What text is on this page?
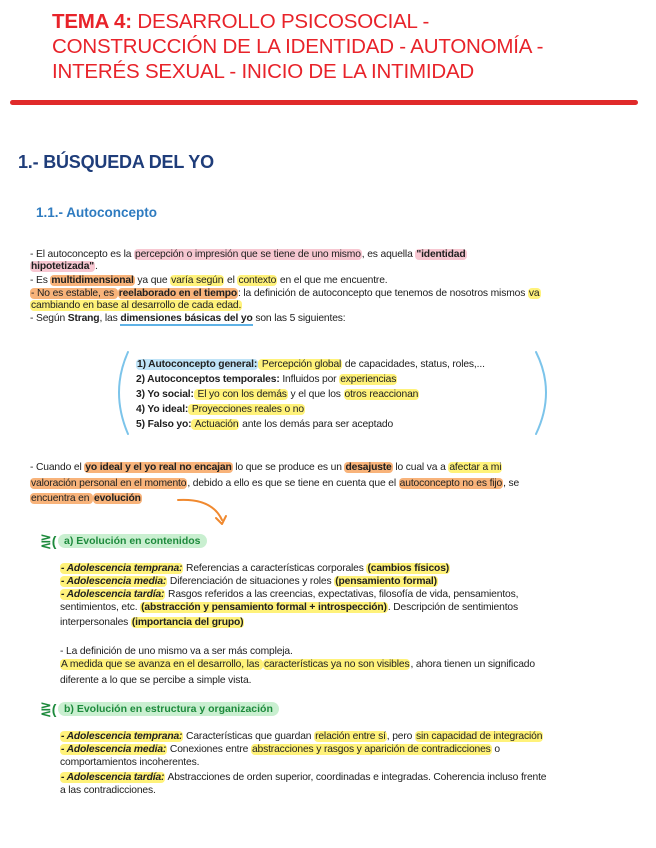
TEMA 4: DESARROLLO PSICOSOCIAL -
CONSTRUCCIÓN DE LA IDENTIDAD - AUTONOMÍA -
INTERÉS SEXUAL - INICIO DE LA INTIMIDAD
1.- BÚSQUEDA DEL YO
1.1.- Autoconcepto
- El autoconcepto es la percepción o impresión que se tiene de uno mismo, es aquella "identidad
hipotetizada".
- Es multidimensional ya que varía según el contexto en el que me encuentre.
- No es estable, es reelaborado en el tiempo: la definición de autoconcepto que tenemos de nosotros mismos va
cambiando en base al desarrollo de cada edad.
- Según Strang, las dimensiones básicas del yo son las 5 siguientes:
1) Autoconcepto general: Percepción global de capacidades, status, roles,...
2) Autoconceptos temporales: Influidos por experiencias
3) Yo social: El yo con los demás y el que los otros reaccionan
4) Yo ideal: Proyecciones reales o no
5) Falso yo: Actuación ante los demás para ser aceptado
- Cuando el yo ideal y el yo real no encajan lo que se produce es un desajuste lo cual va a afectar a mi
valoración personal en el momento, debido a ello es que se tiene en cuenta que el autoconcepto no es fijo, se
encuentra en evolución
⋛( a) Evolución en contenidos
- Adolescencia temprana: Referencias a características corporales (cambios físicos)
- Adolescencia media: Diferenciación de situaciones y roles (pensamiento formal)
- Adolescencia tardía: Rasgos referidos a las creencias, expectativas, filosofía de vida, pensamientos,
sentimientos, etc. (abstracción y pensamiento formal + introspección). Descripción de sentimientos
interpersonales (importancia del grupo)
- La definición de uno mismo va a ser más compleja.
A medida que se avanza en el desarrollo, las características ya no son visibles, ahora tienen un significado
diferente a lo que se percibe a simple vista.
⋛( b) Evolución en estructura y organización
- Adolescencia temprana: Características que guardan relación entre sí, pero sin capacidad de integración
- Adolescencia media: Conexiones entre abstracciones y rasgos y aparición de contradicciones o
comportamientos incoherentes.
- Adolescencia tardía: Abstracciones de orden superior, coordinadas e integradas. Coherencia incluso frente
a las contradicciones.
